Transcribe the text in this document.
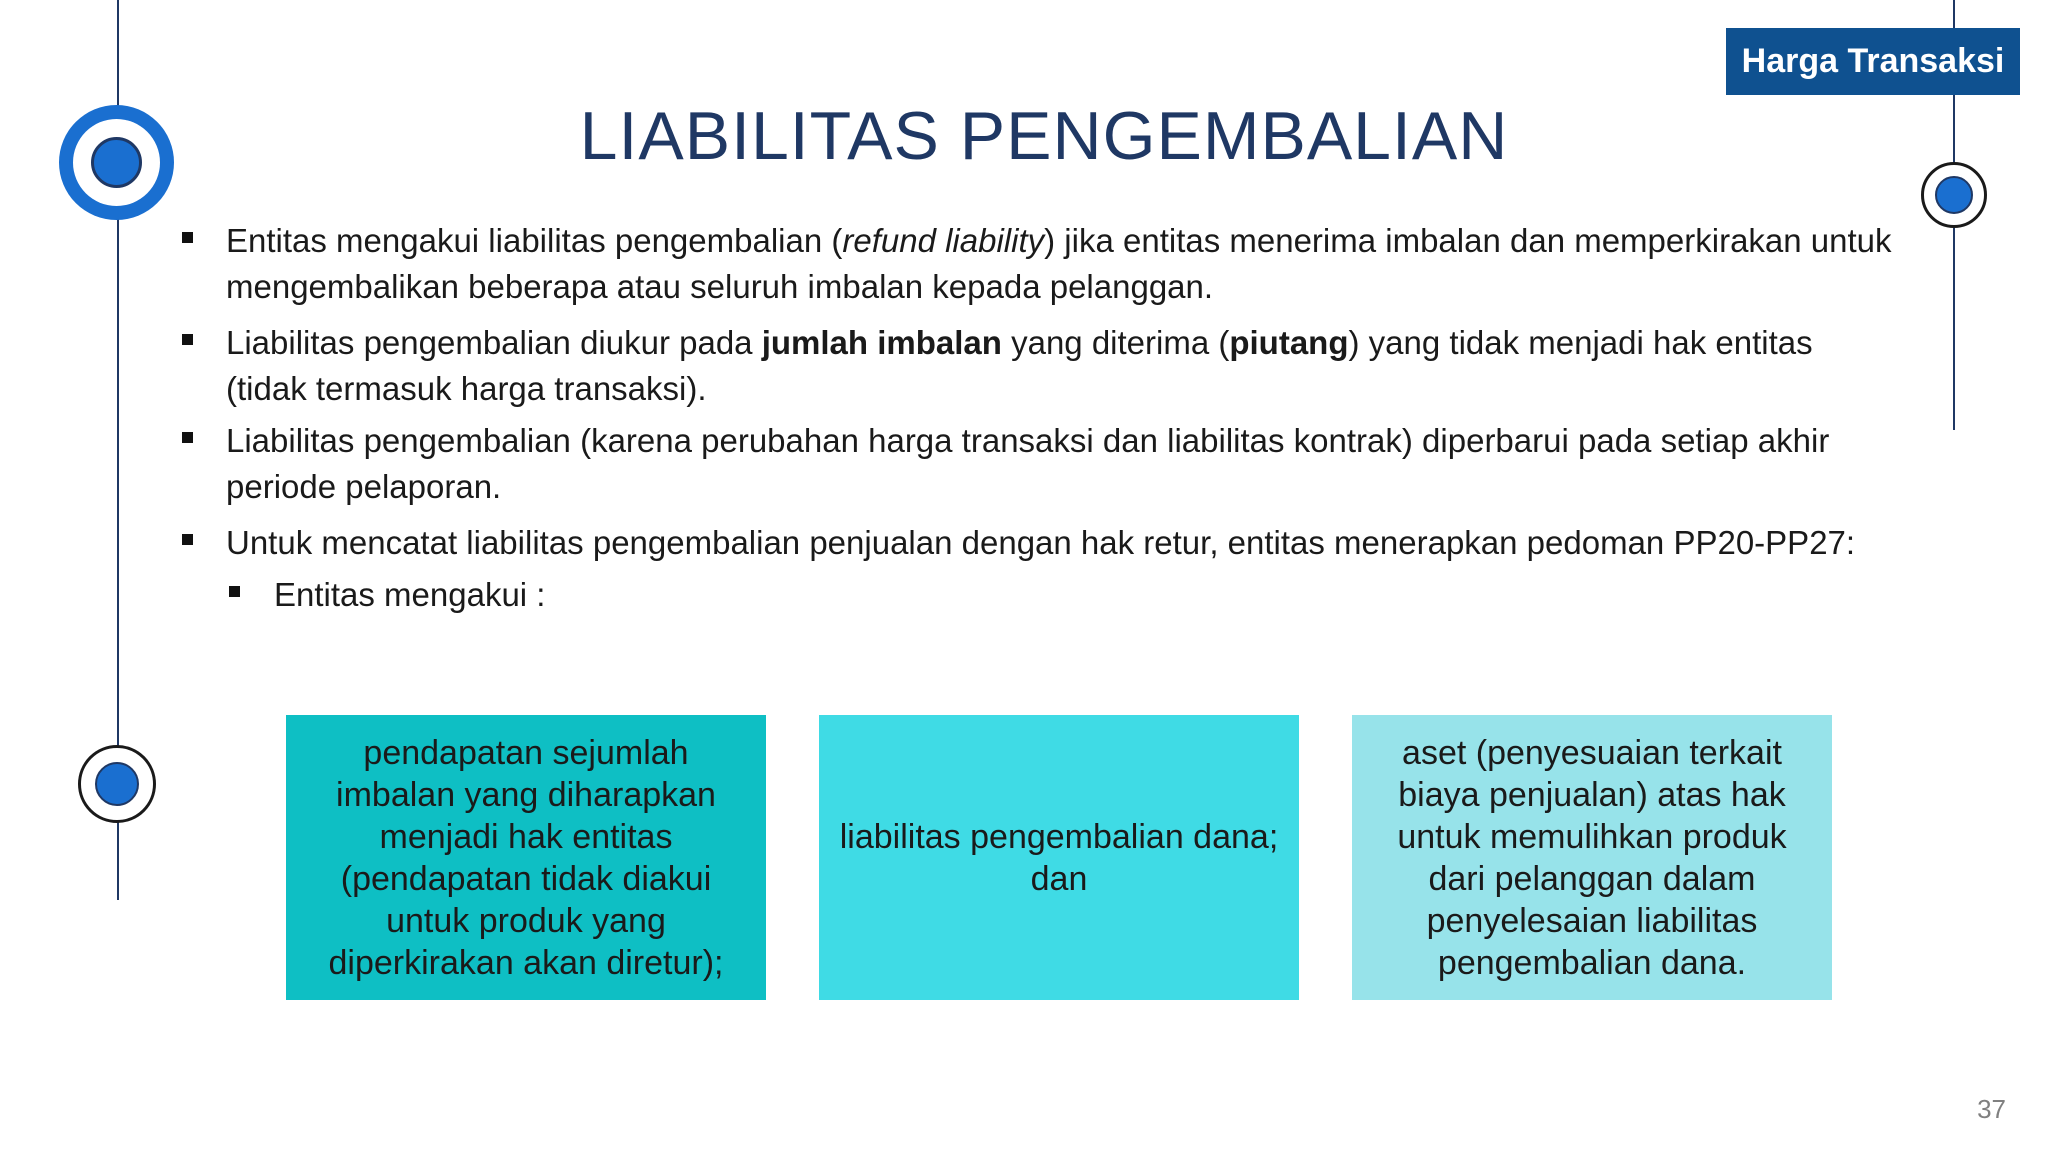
Harga Transaksi
LIABILITAS PENGEMBALIAN
Entitas mengakui liabilitas pengembalian (refund liability) jika entitas menerima imbalan dan memperkirakan untuk mengembalikan beberapa atau seluruh imbalan kepada pelanggan.
Liabilitas pengembalian diukur pada jumlah imbalan yang diterima (piutang) yang tidak menjadi hak entitas (tidak termasuk harga transaksi).
Liabilitas pengembalian (karena perubahan harga transaksi dan liabilitas kontrak) diperbarui pada setiap akhir periode pelaporan.
Untuk mencatat liabilitas pengembalian penjualan dengan hak retur, entitas menerapkan pedoman PP20-PP27:
Entitas mengakui :
pendapatan sejumlah imbalan yang diharapkan menjadi hak entitas (pendapatan tidak diakui untuk produk yang diperkirakan akan diretur);
liabilitas pengembalian dana; dan
aset (penyesuaian terkait biaya penjualan) atas hak untuk memulihkan produk dari pelanggan dalam penyelesaian liabilitas pengembalian dana.
37
